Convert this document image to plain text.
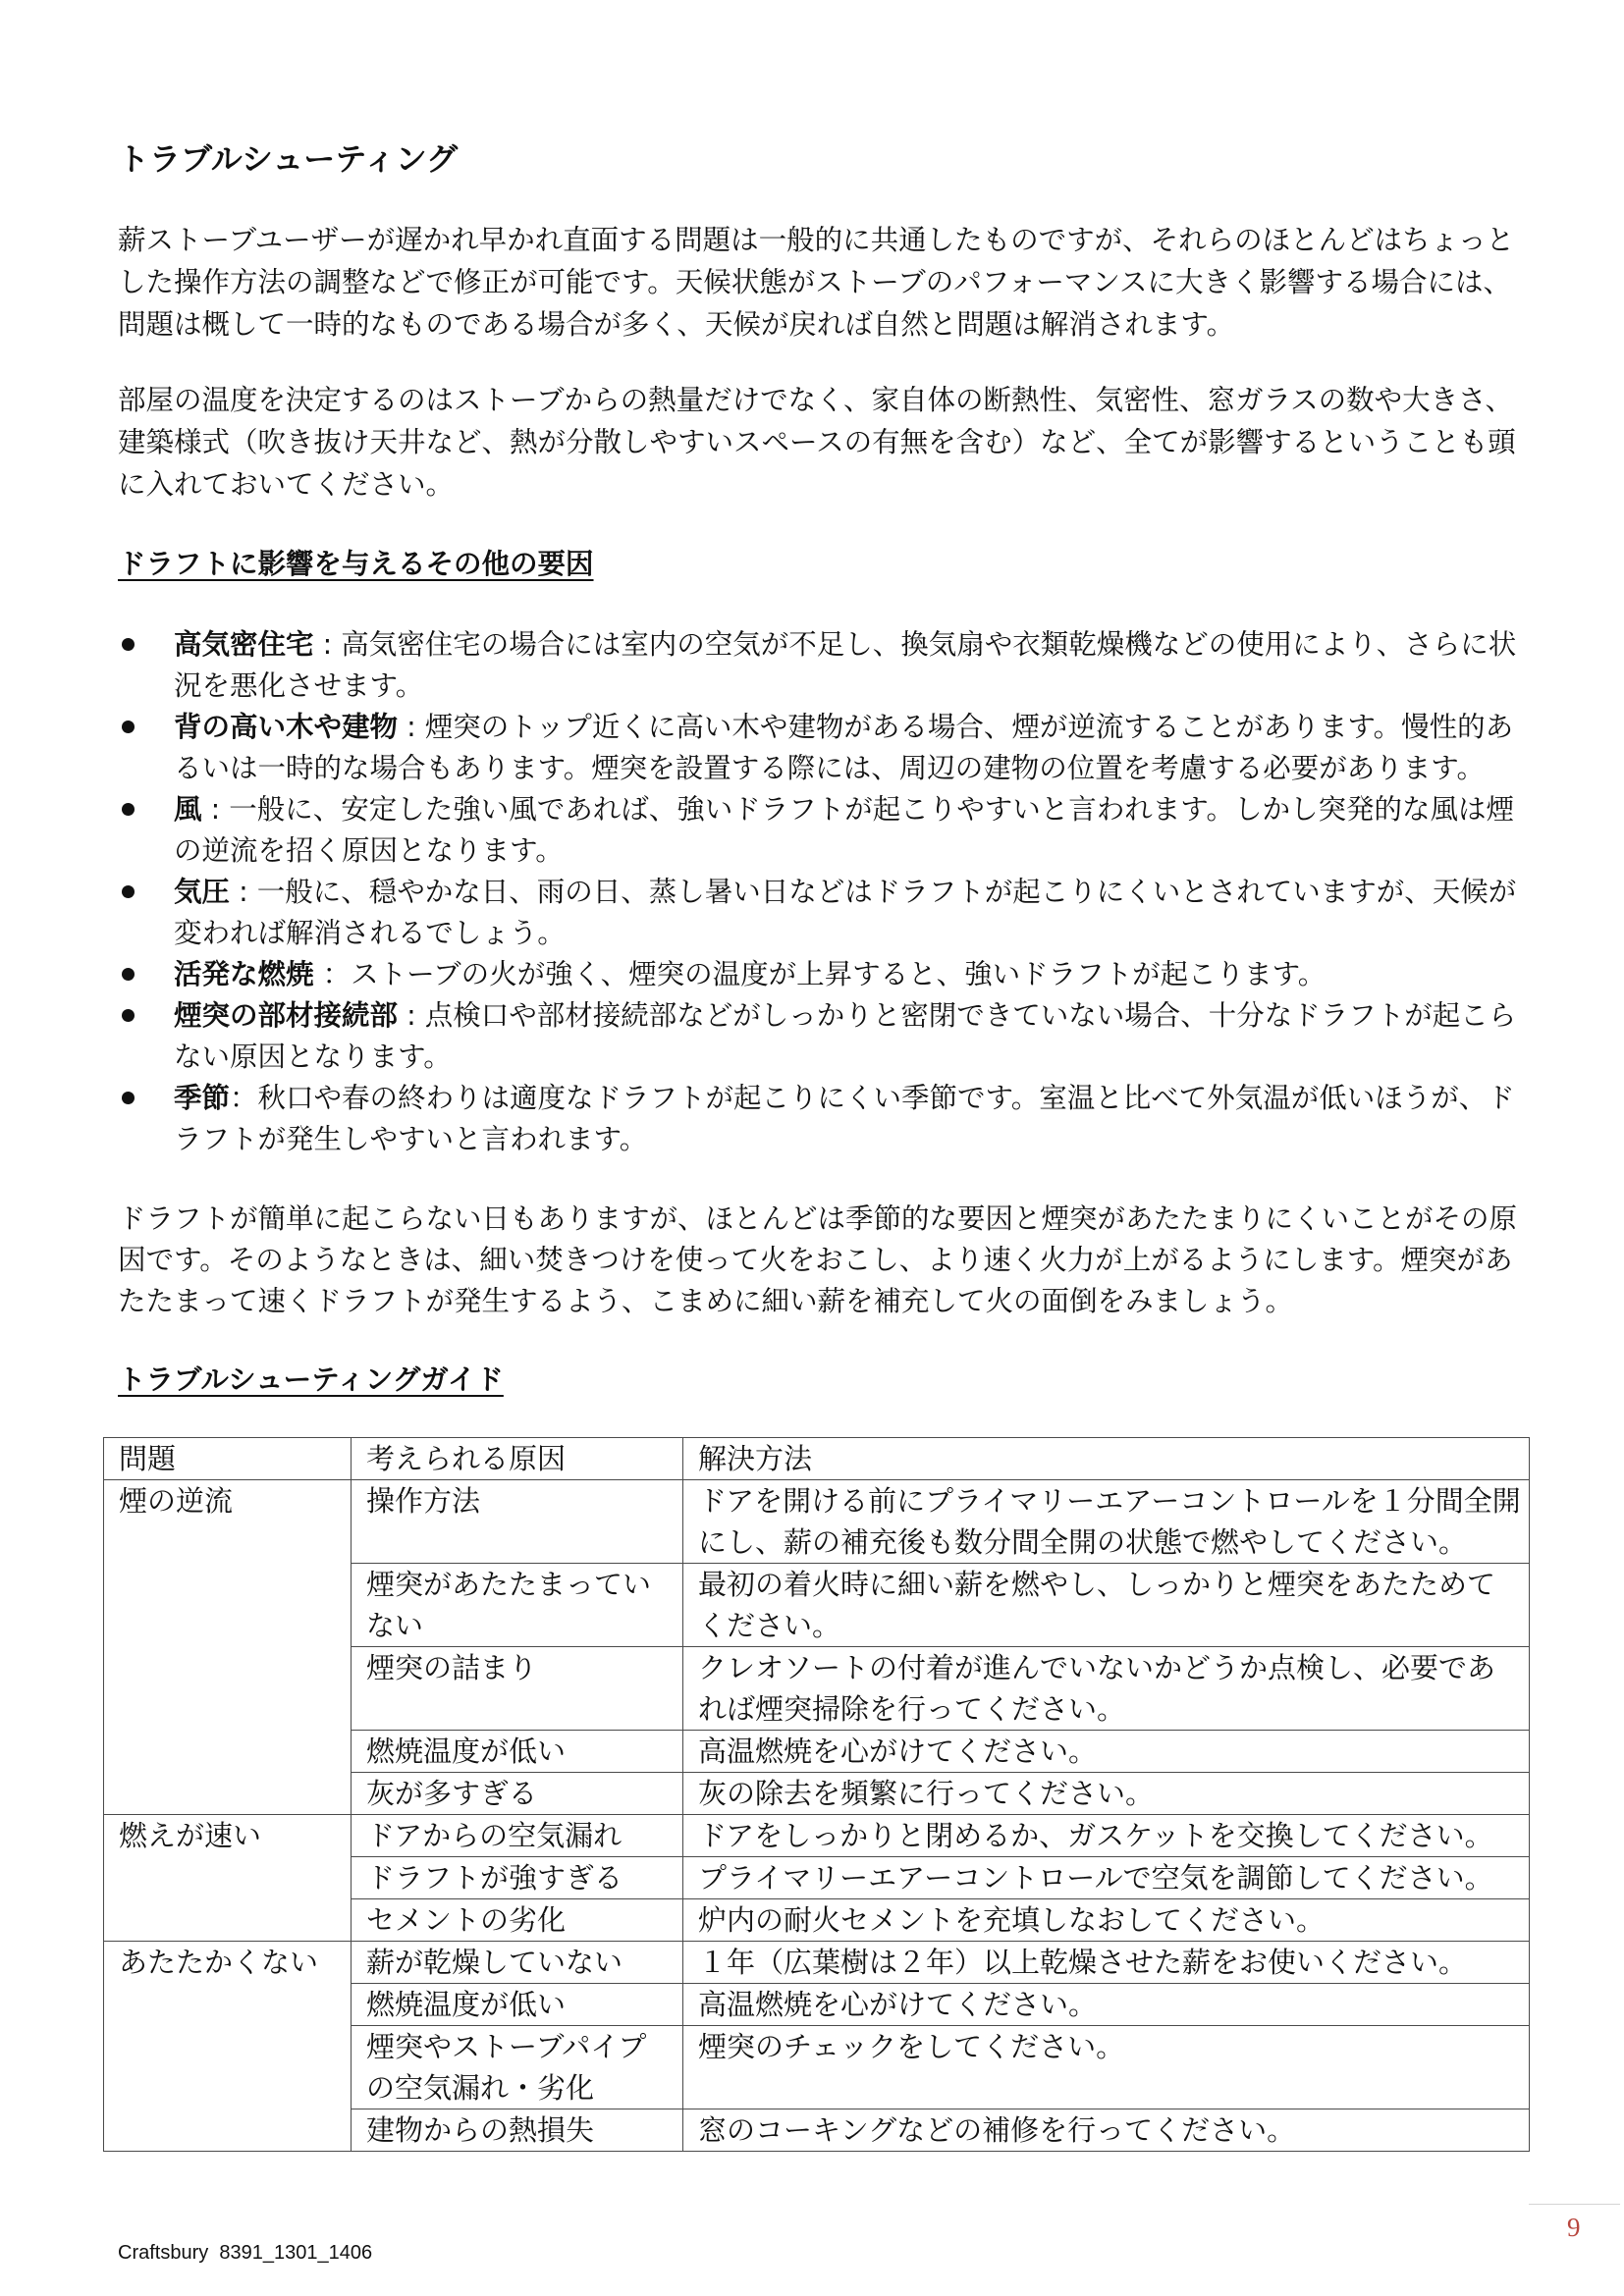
トラブルシューティング

薪ストーブユーザーが遅かれ早かれ直面する問題は一般的に共通したものですが、それらのほとんどはちょっとした操作方法の調整などで修正が可能です。天候状態がストーブのパフォーマンスに大きく影響する場合には、問題は概して一時的なものである場合が多く、天候が戻れば自然と問題は解消されます。

部屋の温度を決定するのはストーブからの熱量だけでなく、家自体の断熱性、気密性、窓ガラスの数や大きさ、建築様式（吹き抜け天井など、熱が分散しやすいスペースの有無を含む）など、全てが影響するということも頭に入れておいてください。

ドラフトに影響を与えるその他の要因
高気密住宅 : 高気密住宅の場合には室内の空気が不足し、換気扇や衣類乾燥機などの使用により、さらに状況を悪化させます。
背の高い木や建物 : 煙突のトップ近くに高い木や建物がある場合、煙が逆流することがあります。慢性的あるいは一時的な場合もあります。煙突を設置する際には、周辺の建物の位置を考慮する必要があります。
風 : 一般に、安定した強い風であれば、強いドラフトが起こりやすいと言われます。しかし突発的な風は煙の逆流を招く原因となります。
気圧 : 一般に、穏やかな日、雨の日、蒸し暑い日などはドラフトが起こりにくいとされていますが、天候が変われば解消されるでしょう。
活発な燃焼 ：ストーブの火が強く、煙突の温度が上昇すると、強いドラフトが起こります。
煙突の部材接続部 : 点検口や部材接続部などがしっかりと密閉できていない場合、十分なドラフトが起こらない原因となります。
季節：秋口や春の終わりは適度なドラフトが起こりにくい季節です。室温と比べて外気温が低いほうが、ドラフトが発生しやすいと言われます。

ドラフトが簡単に起こらない日もありますが、ほとんどは季節的な要因と煙突があたたまりにくいことがその原因です。そのようなときは、細い焚きつけを使って火をおこし、より速く火力が上がるようにします。煙突があたたまって速くドラフトが発生するよう、こまめに細い薪を補充して火の面倒をみましょう。

トラブルシューティングガイド
問題	考えられる原因	解決方法
煙の逆流	操作方法	ドアを開ける前にプライマリーエアーコントロールを１分間全開にし、薪の補充後も数分間全開の状態で燃やしてください。
	煙突があたたまっていない	最初の着火時に細い薪を燃やし、しっかりと煙突をあたためてください。
	煙突の詰まり	クレオソートの付着が進んでいないかどうか点検し、必要であれば煙突掃除を行ってください。
	燃焼温度が低い	高温燃焼を心がけてください。
	灰が多すぎる	灰の除去を頻繁に行ってください。
燃えが速い	ドアからの空気漏れ	ドアをしっかりと閉めるか、ガスケットを交換してください。
	ドラフトが強すぎる	プライマリーエアーコントロールで空気を調節してください。
	セメントの劣化	炉内の耐火セメントを充填しなおしてください。
あたたかくない	薪が乾燥していない	１年（広葉樹は２年）以上乾燥させた薪をお使いください。
	燃焼温度が低い	高温燃焼を心がけてください。
	煙突やストーブパイプの空気漏れ・劣化	煙突のチェックをしてください。
	建物からの熱損失	窓のコーキングなどの補修を行ってください。
9
Craftsbury  8391_1301_1406
